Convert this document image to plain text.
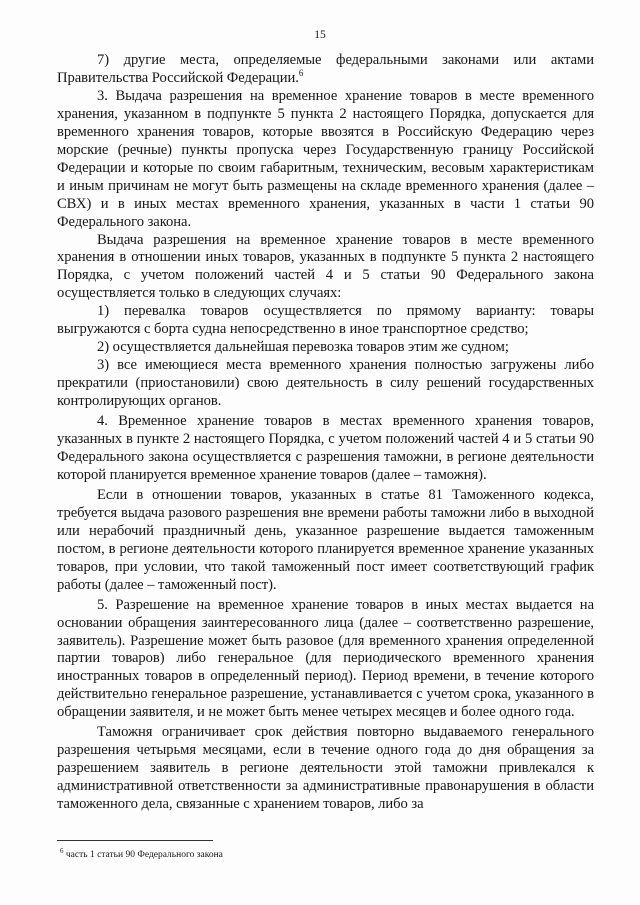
15

7) другие места, определяемые федеральными законами или актами Правительства Российской Федерации.$^6$

3. Выдача разрешения на временное хранение товаров в месте временного хранения, указанном в подпункте 5 пункта 2 настоящего Порядка, допускается для временного хранения товаров, которые ввозятся в Российскую Федерацию через морские (речные) пункты пропуска через Государственную границу Российской Федерации и которые по своим габаритным, техническим, весовым характеристикам и иным причинам не могут быть размещены на складе временного хранения (далее – СВХ) и в иных местах временного хранения, указанных в части 1 статьи 90 Федерального закона.

Выдача разрешения на временное хранение товаров в месте временного хранения в отношении иных товаров, указанных в подпункте 5 пункта 2 настоящего Порядка, с учетом положений частей 4 и 5 статьи 90 Федерального закона осуществляется только в следующих случаях:

1) перевалка товаров осуществляется по прямому варианту: товары выгружаются с борта судна непосредственно в иное транспортное средство;

2) осуществляется дальнейшая перевозка товаров этим же судном;

3) все имеющиеся места временного хранения полностью загружены либо прекратили (приостановили) свою деятельность в силу решений государственных контролирующих органов.

4. Временное хранение товаров в местах временного хранения товаров, указанных в пункте 2 настоящего Порядка, с учетом положений частей 4 и 5 статьи 90 Федерального закона осуществляется с разрешения таможни, в регионе деятельности которой планируется временное хранение товаров (далее – таможня).

Если в отношении товаров, указанных в статье 81 Таможенного кодекса, требуется выдача разового разрешения вне времени работы таможни либо в выходной или нерабочий праздничный день, указанное разрешение выдается таможенным постом, в регионе деятельности которого планируется временное хранение указанных товаров, при условии, что такой таможенный пост имеет соответствующий график работы (далее – таможенный пост).

5. Разрешение на временное хранение товаров в иных местах выдается на основании обращения заинтересованного лица (далее – соответственно разрешение, заявитель). Разрешение может быть разовое (для временного хранения определенной партии товаров) либо генеральное (для периодического временного хранения иностранных товаров в определенный период). Период времени, в течение которого действительно генеральное разрешение, устанавливается с учетом срока, указанного в обращении заявителя, и не может быть менее четырех месяцев и более одного года.

Таможня ограничивает срок действия повторно выдаваемого генерального разрешения четырьмя месяцами, если в течение одного года до дня обращения за разрешением заявитель в регионе деятельности этой таможни привлекался к административной ответственности за административные правонарушения в области таможенного дела, связанные с хранением товаров, либо за

$^6$ часть 1 статьи 90 Федерального закона
